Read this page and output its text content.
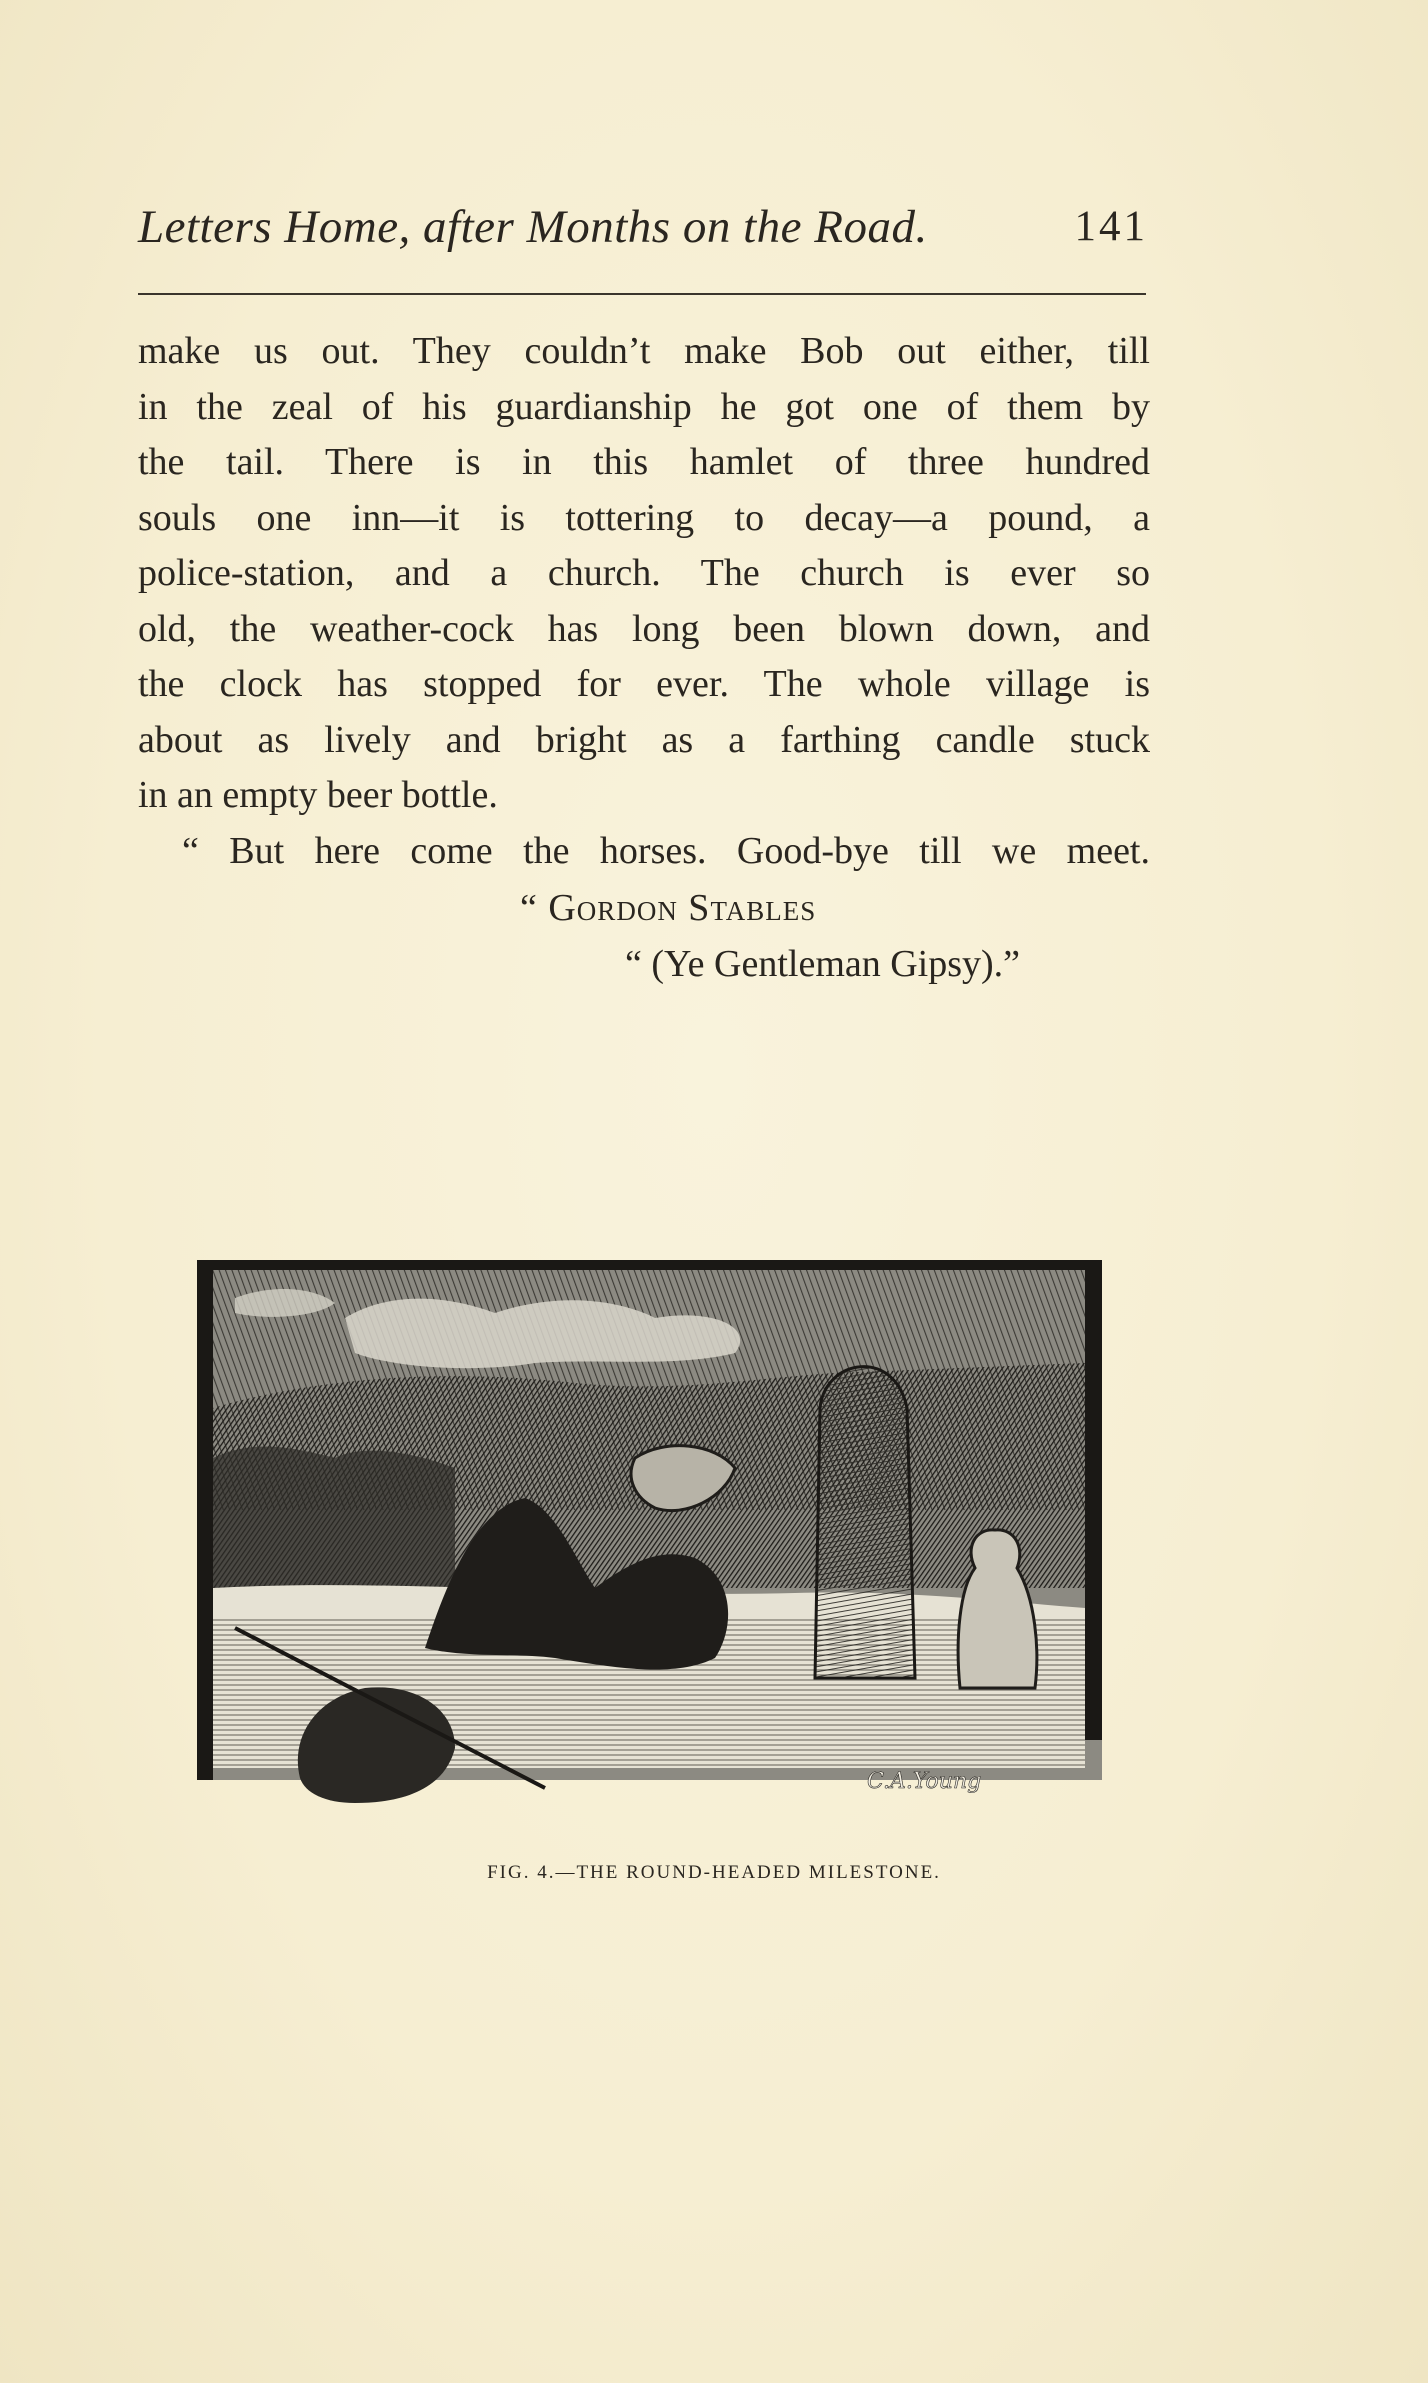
Letters Home, after Months on the Road.	141
make us out. They couldn’t make Bob out either, till
in the zeal of his guardianship he got one of them by
the tail. There is in this hamlet of three hundred
souls one inn—it is tottering to decay—a pound, a
police-station, and a church. The church is ever so
old, the weather-cock has long been blown down, and
the clock has stopped for ever. The whole village is
about as lively and bright as a farthing candle stuck
in an empty beer bottle.
“ But here come the horses. Good-bye till we meet.
“ Gordon Stables
“ (Ye Gentleman Gipsy).”
C.A.Young
FIG. 4.—THE ROUND-HEADED MILESTONE.
